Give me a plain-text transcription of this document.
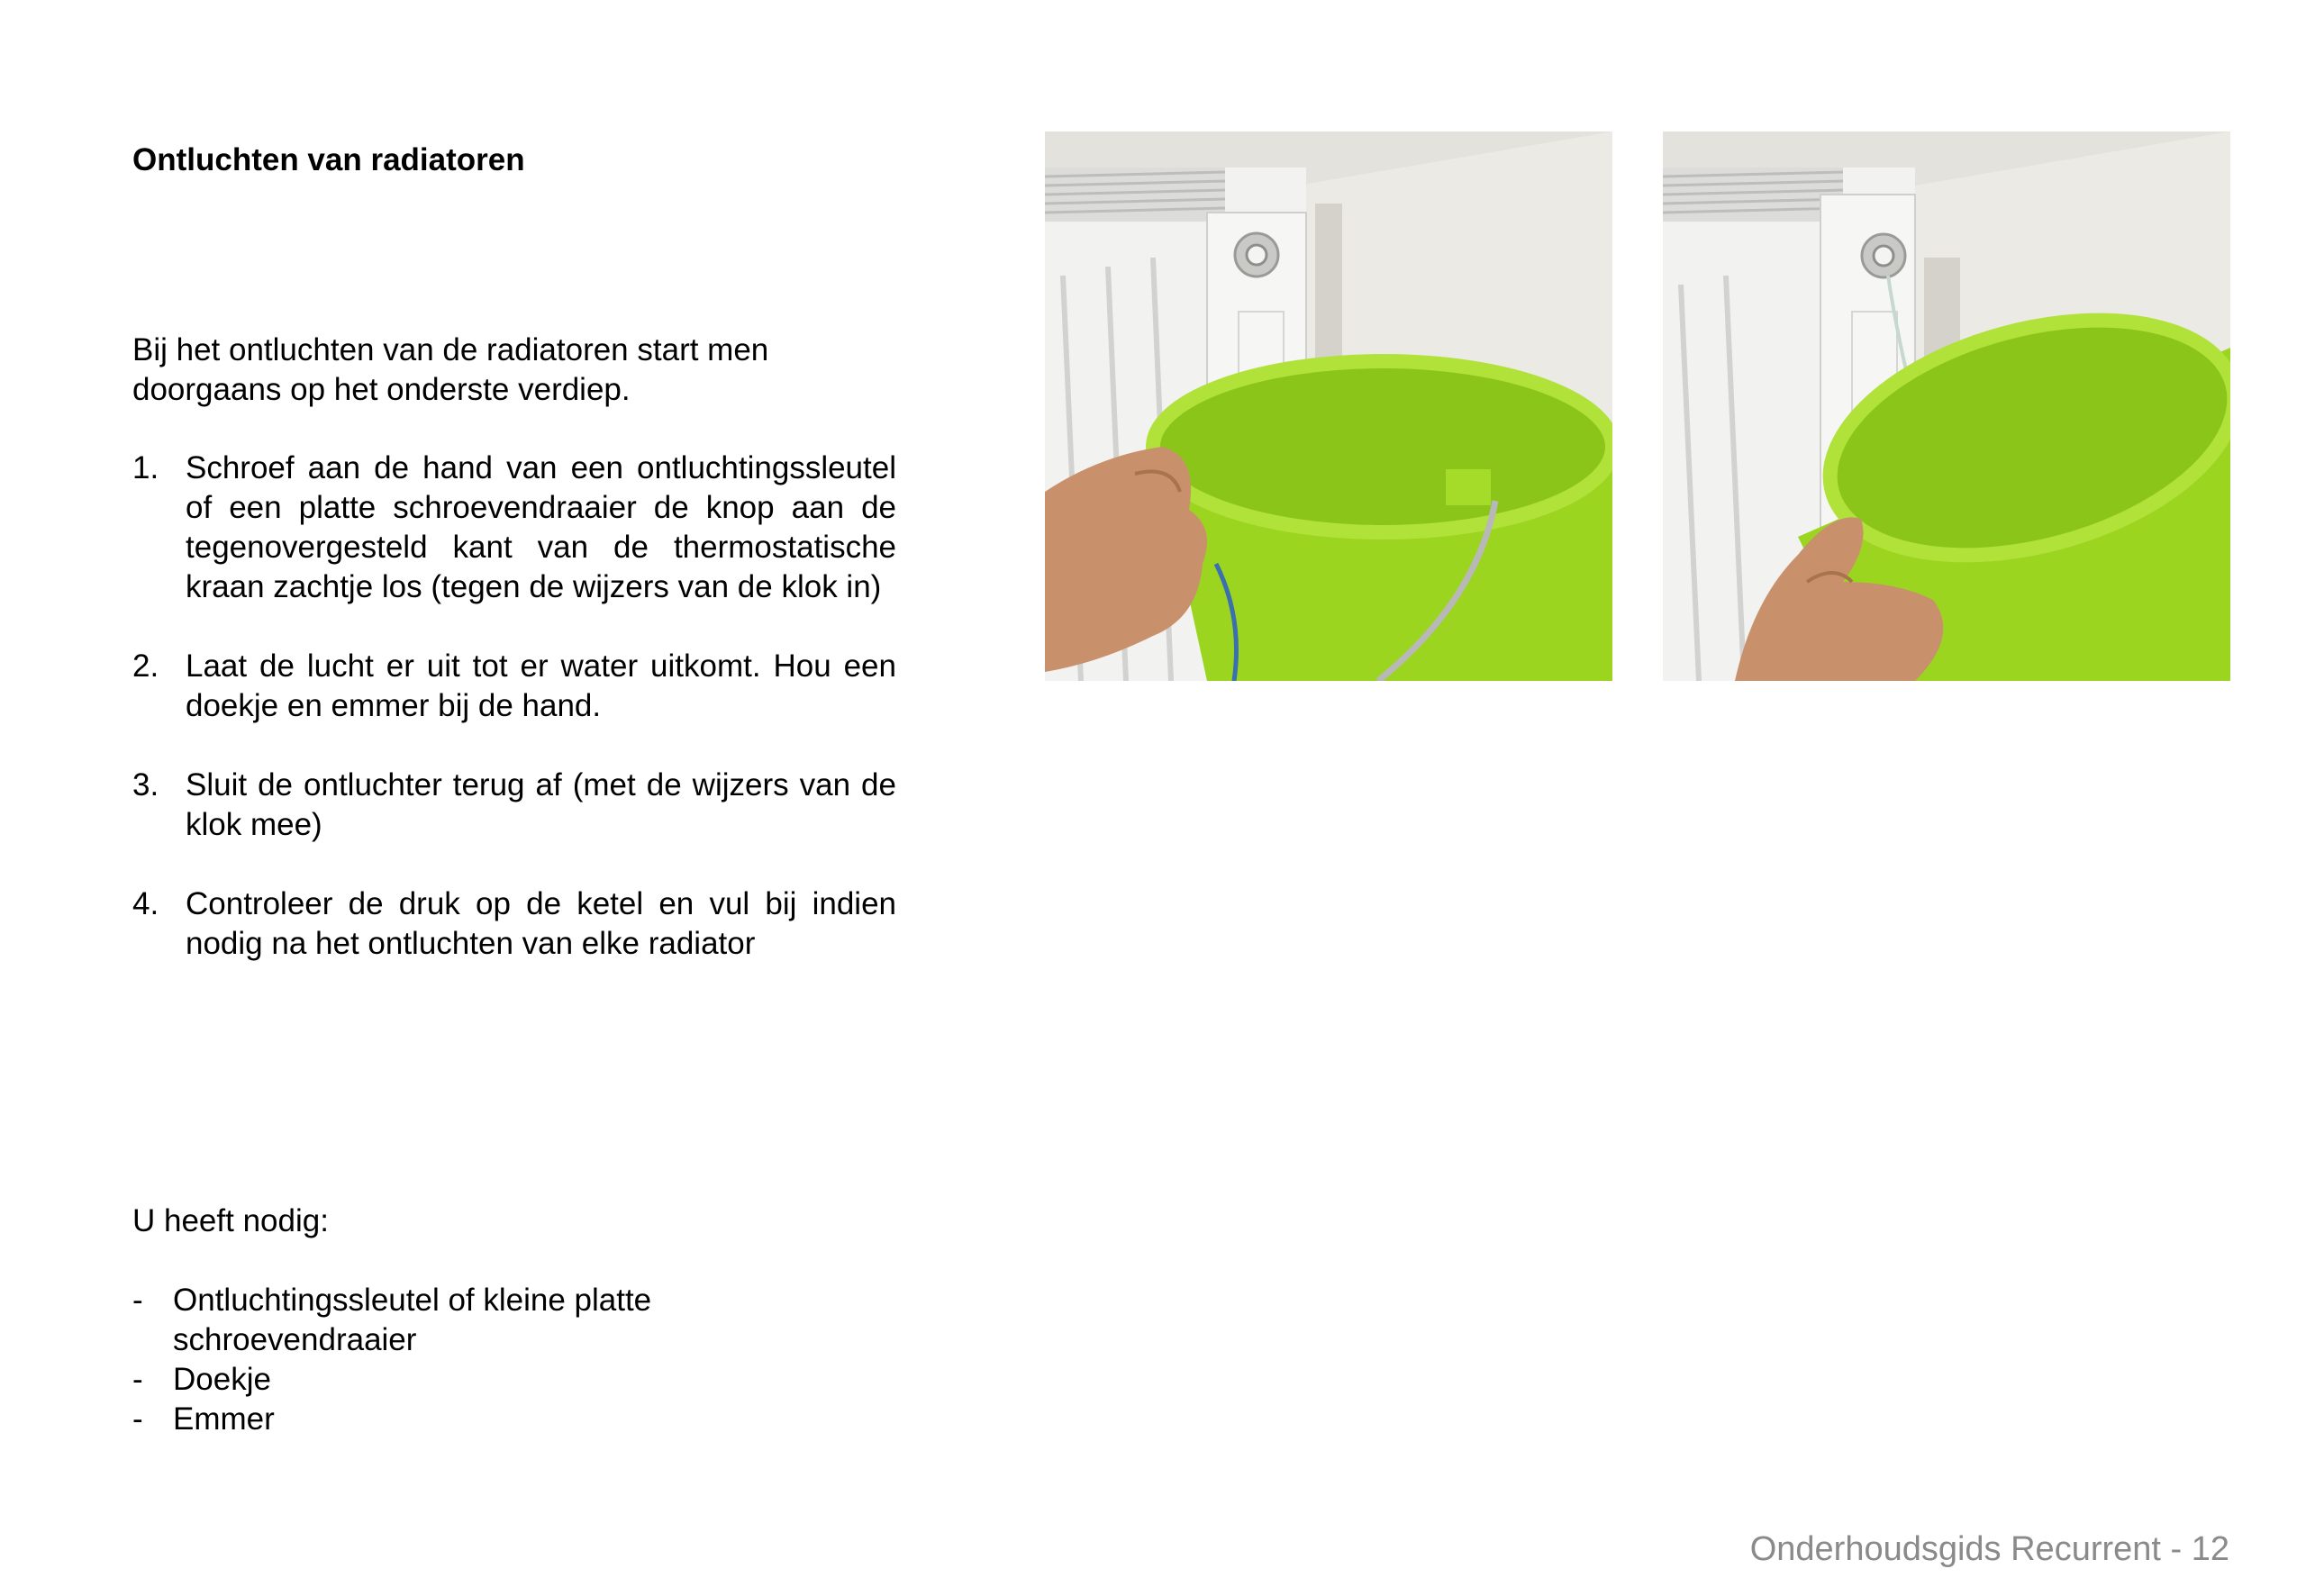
Ontluchten van radiatoren
Bij het ontluchten van de radiatoren start men doorgaans op het onderste verdiep.
1. Schroef aan de hand van een ontluchtingssleutel of een platte schroevendraaier de knop aan de tegenovergesteld kant van de thermostatische kraan zachtje los (tegen de wijzers van de klok in)
2. Laat de lucht er uit tot er water uitkomt. Hou een doekje en emmer bij de hand.
3. Sluit de ontluchter terug af (met de wijzers van de klok mee)
4. Controleer de druk op de ketel en vul bij indien nodig na het ontluchten van elke radiator
U heeft nodig:
- Ontluchtingssleutel of kleine platte schroevendraaier
- Doekje
- Emmer
Onderhoudsgids Recurrent - 12
